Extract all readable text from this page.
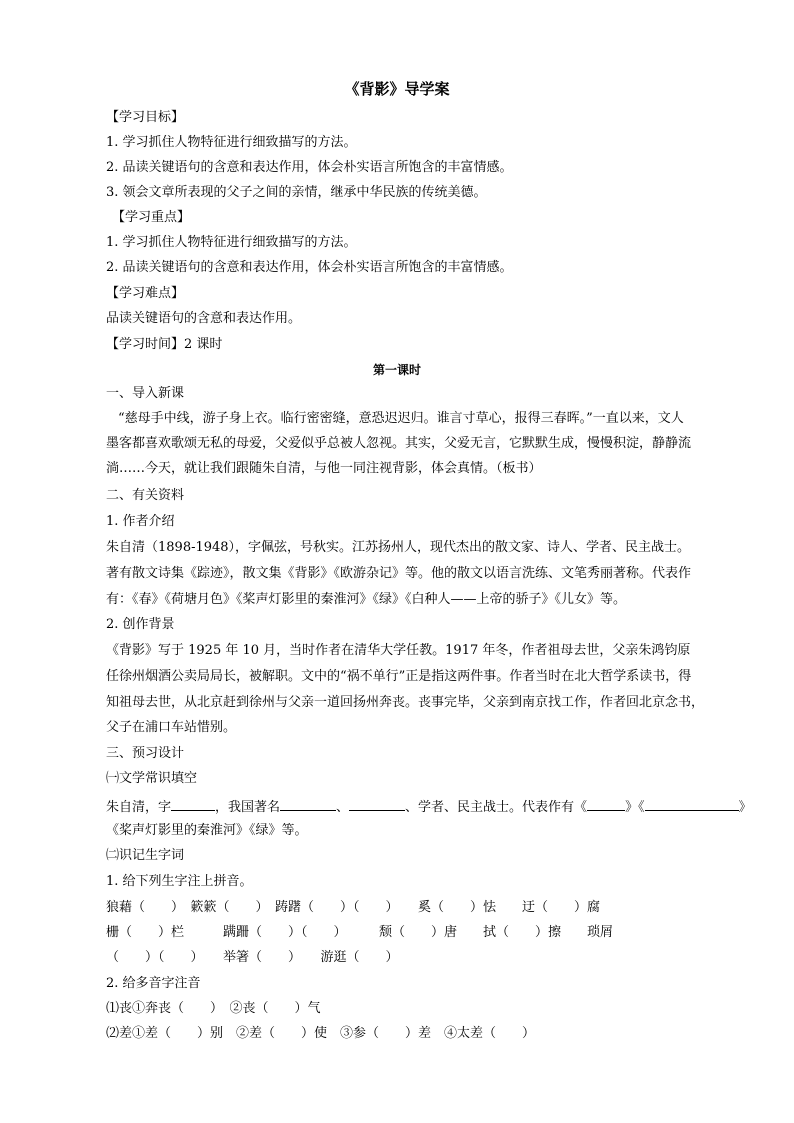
《背影》导学案
【学习目标】
1. 学习抓住人物特征进行细致描写的方法。
2. 品读关键语句的含意和表达作用，体会朴实语言所饱含的丰富情感。
3. 领会文章所表现的父子之间的亲情，继承中华民族的传统美德。
【学习重点】
1. 学习抓住人物特征进行细致描写的方法。
2. 品读关键语句的含意和表达作用，体会朴实语言所饱含的丰富情感。
【学习难点】
品读关键语句的含意和表达作用。
【学习时间】2 课时
第一课时
一、导入新课
“慈母手中线，游子身上衣。临行密密缝，意恐迟迟归。谁言寸草心，报得三春晖。”一直以来，文人
墨客都喜欢歌颂无私的母爱，父爱似乎总被人忽视。其实，父爱无言，它默默生成，慢慢积淀，静静流
淌……今天，就让我们跟随朱自清，与他一同注视背影，体会真情。（板书）
二、有关资料
1. 作者介绍
朱自清（1898-1948），字佩弦，号秋实。江苏扬州人，现代杰出的散文家、诗人、学者、民主战士。
著有散文诗集《踪迹》，散文集《背影》《欧游杂记》等。他的散文以语言洗练、文笔秀丽著称。代表作
有：《春》《荷塘月色》《桨声灯影里的秦淮河》《绿》《白种人——上帝的骄子》《儿女》等。
2. 创作背景
《背影》写于 1925 年 10 月，当时作者在清华大学任教。1917 年冬，作者祖母去世，父亲朱鸿钧原
任徐州烟酒公卖局局长，被解职。文中的“祸不单行”正是指这两件事。作者当时在北大哲学系读书，得
知祖母去世，从北京赶到徐州与父亲一道回扬州奔丧。丧事完毕，父亲到南京找工作，作者回北京念书，
父子在浦口车站惜别。
三、预习设计
㈠文学常识填空
朱自清，字	，我国著名	、	、学者、民主战士。代表作有《	》《	》
《桨声灯影里的秦淮河》《绿》等。
㈡识记生字词
1. 给下列生字注上拼音。
狼藉（　　）　簌簌（　　）　踌躇（　　）（　　）　　奚（　　）怯　　迂（　　）腐
栅（　　）栏　　　蹒跚（　　）（　　）　　　颓（　　）唐　　拭（　　）擦　　琐屑
（　　）（　　）　　举箸（　　）　　游逛（　　）
2. 给多音字注音
⑴丧①奔丧（　　）　②丧（　　）气
⑵差①差（　　）别　②差（　　）使　③参（　　）差　④太差（　　）
